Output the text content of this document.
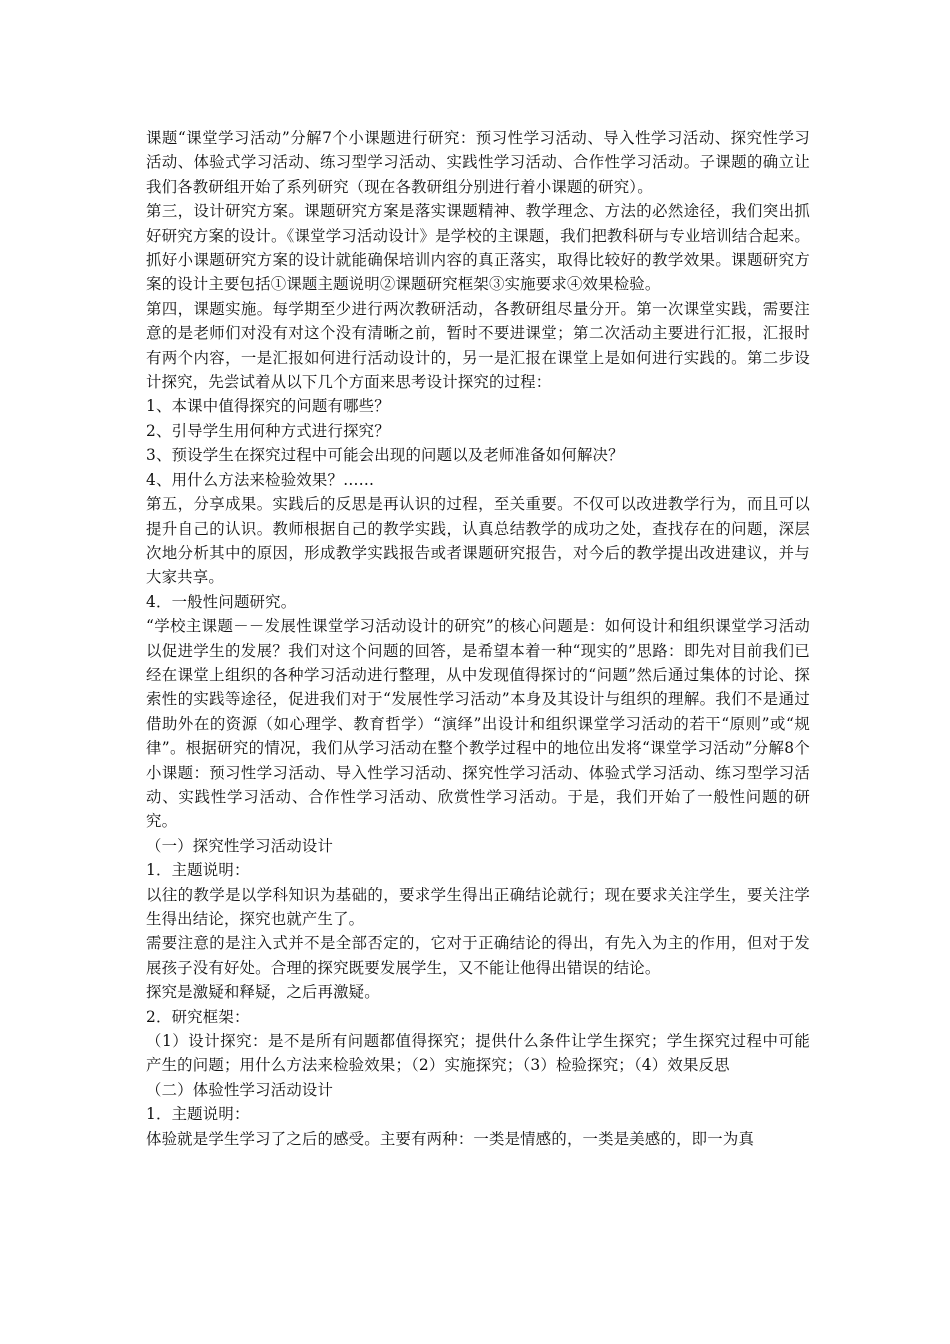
课题“课堂学习活动”分解7个小课题进行研究：预习性学习活动、导入性学习活动、探究性学习活动、体验式学习活动、练习型学习活动、实践性学习活动、合作性学习活动。子课题的确立让我们各教研组开始了系列研究（现在各教研组分别进行着小课题的研究）。

第三，设计研究方案。课题研究方案是落实课题精神、教学理念、方法的必然途径，我们突出抓好研究方案的设计。《课堂学习活动设计》是学校的主课题，我们把教科研与专业培训结合起来。抓好小课题研究方案的设计就能确保培训内容的真正落实，取得比较好的教学效果。课题研究方案的设计主要包括①课题主题说明②课题研究框架③实施要求④效果检验。

第四，课题实施。每学期至少进行两次教研活动，各教研组尽量分开。第一次课堂实践，需要注意的是老师们对没有对这个没有清晰之前，暂时不要进课堂；第二次活动主要进行汇报，汇报时有两个内容，一是汇报如何进行活动设计的，另一是汇报在课堂上是如何进行实践的。第二步设计探究，先尝试着从以下几个方面来思考设计探究的过程：

1、本课中值得探究的问题有哪些？

2、引导学生用何种方式进行探究？

3、预设学生在探究过程中可能会出现的问题以及老师准备如何解决？

4、用什么方法来检验效果？……

第五，分享成果。实践后的反思是再认识的过程，至关重要。不仅可以改进教学行为，而且可以提升自己的认识。教师根据自己的教学实践，认真总结教学的成功之处，查找存在的问题，深层次地分析其中的原因，形成教学实践报告或者课题研究报告，对今后的教学提出改进建议，并与大家共享。

4．一般性问题研究。

“学校主课题－－发展性课堂学习活动设计的研究”的核心问题是：如何设计和组织课堂学习活动以促进学生的发展？我们对这个问题的回答，是希望本着一种“现实的”思路：即先对目前我们已经在课堂上组织的各种学习活动进行整理，从中发现值得探讨的“问题”然后通过集体的讨论、探索性的实践等途径，促进我们对于“发展性学习活动”本身及其设计与组织的理解。我们不是通过借助外在的资源（如心理学、教育哲学）“演绎”出设计和组织课堂学习活动的若干“原则”或“规律”。根据研究的情况，我们从学习活动在整个教学过程中的地位出发将“课堂学习活动”分解8个小课题：预习性学习活动、导入性学习活动、探究性学习活动、体验式学习活动、练习型学习活动、实践性学习活动、合作性学习活动、欣赏性学习活动。于是，我们开始了一般性问题的研究。

（一）探究性学习活动设计

1．主题说明：

以往的教学是以学科知识为基础的，要求学生得出正确结论就行；现在要求关注学生，要关注学生得出结论，探究也就产生了。

需要注意的是注入式并不是全部否定的，它对于正确结论的得出，有先入为主的作用，但对于发展孩子没有好处。合理的探究既要发展学生，又不能让他得出错误的结论。

探究是激疑和释疑，之后再激疑。

2．研究框架：

（1）设计探究：是不是所有问题都值得探究；提供什么条件让学生探究；学生探究过程中可能产生的问题；用什么方法来检验效果；（2）实施探究；（3）检验探究；（4）效果反思

（二）体验性学习活动设计

1．主题说明：

体验就是学生学习了之后的感受。主要有两种：一类是情感的，一类是美感的，即一为真
